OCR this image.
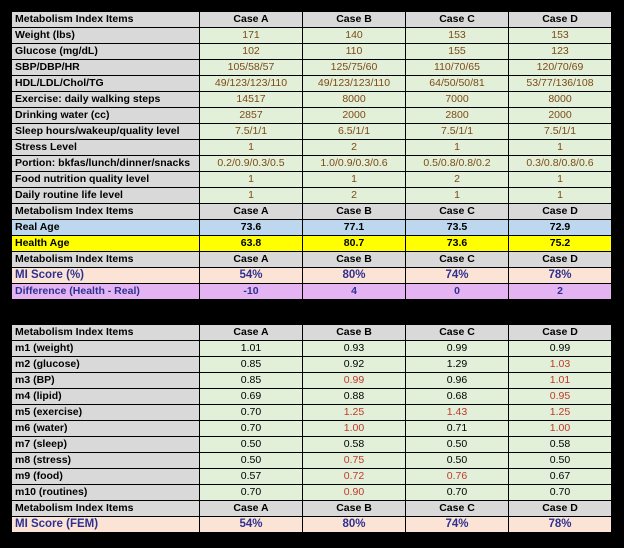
Metabolism Index Items	Case A	Case B	Case C	Case D
Weight (lbs)	171	140	153	153
Glucose (mg/dL)	102	110	155	123
SBP/DBP/HR	105/58/57	125/75/60	110/70/65	120/70/69
HDL/LDL/Chol/TG	49/123/123/110	49/123/123/110	64/50/50/81	53/77/136/108
Exercise: daily walking steps	14517	8000	7000	8000
Drinking water (cc)	2857	2000	2800	2000
Sleep hours/wakeup/quality level	7.5/1/1	6.5/1/1	7.5/1/1	7.5/1/1
Stress Level	1	2	1	1
Portion: bkfas/lunch/dinner/snacks	0.2/0.9/0.3/0.5	1.0/0.9/0.3/0.6	0.5/0.8/0.8/0.2	0.3/0.8/0.8/0.6
Food nutrition quality level	1	1	2	1
Daily routine life level	1	2	1	1
Metabolism Index Items	Case A	Case B	Case C	Case D
Real Age	73.6	77.1	73.5	72.9
Health Age	63.8	80.7	73.6	75.2
Metabolism Index Items	Case A	Case B	Case C	Case D
MI Score (%)	54%	80%	74%	78%
Difference (Health - Real)	-10	4	0	2
Metabolism Index Items	Case A	Case B	Case C	Case D
m1 (weight)	1.01	0.93	0.99	0.99
m2 (glucose)	0.85	0.92	1.29	1.03
m3 (BP)	0.85	0.99	0.96	1.01
m4 (lipid)	0.69	0.88	0.68	0.95
m5 (exercise)	0.70	1.25	1.43	1.25
m6 (water)	0.70	1.00	0.71	1.00
m7 (sleep)	0.50	0.58	0.50	0.58
m8 (stress)	0.50	0.75	0.50	0.50
m9 (food)	0.57	0.72	0.76	0.67
m10 (routines)	0.70	0.90	0.70	0.70
Metabolism Index Items	Case A	Case B	Case C	Case D
MI Score (FEM)	54%	80%	74%	78%
